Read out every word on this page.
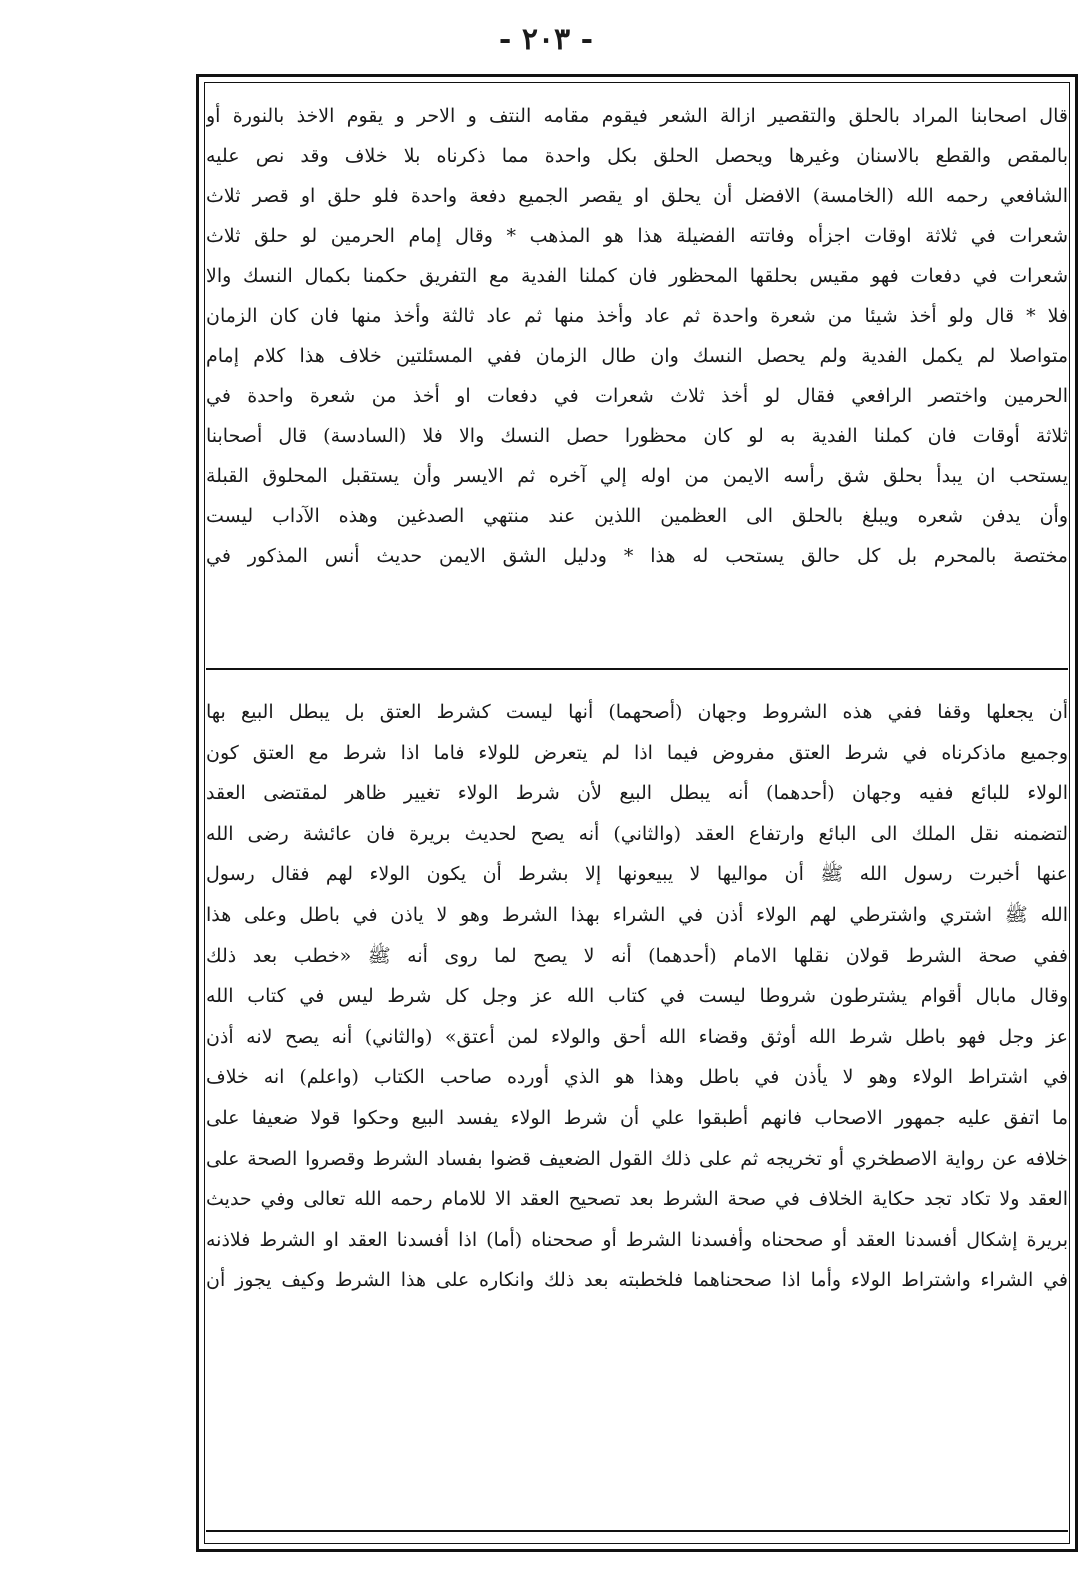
- ٢٠٣ -
قال اصحابنا المراد بالحلق والتقصير ازالة الشعر فيقوم مقامه النتف و الاحر و يقوم الاخذ بالنورة أو
بالمقص والقطع بالاسنان وغيرها ويحصل الحلق بكل واحدة مما ذكرناه بلا خلاف وقد نص عليه
الشافعي رحمه الله (الخامسة) الافضل أن يحلق او يقصر الجميع دفعة واحدة فلو حلق او قصر ثلاث
شعرات في ثلاثة اوقات اجزأه وفاتته الفضيلة هذا هو المذهب * وقال إمام الحرمين لو حلق ثلاث
شعرات في دفعات فهو مقيس بحلقها المحظور فان كملنا الفدية مع التفريق حكمنا بكمال النسك والا
فلا * قال ولو أخذ شيئا من شعرة واحدة ثم عاد وأخذ منها ثم عاد ثالثة وأخذ منها فان كان الزمان
متواصلا لم يكمل الفدية ولم يحصل النسك وان طال الزمان ففي المسئلتين خلاف هذا كلام إمام
الحرمين واختصر الرافعي فقال لو أخذ ثلاث شعرات في دفعات او أخذ من شعرة واحدة في
ثلاثة أوقات فان كملنا الفدية به لو كان محظورا حصل النسك والا فلا (السادسة) قال أصحابنا
يستحب ان يبدأ بحلق شق رأسه الايمن من اوله إلي آخره ثم الايسر وأن يستقبل المحلوق القبلة
وأن يدفن شعره ويبلغ بالحلق الى العظمين اللذين عند منتهي الصدغين وهذه الآداب ليست
مختصة بالمحرم بل كل حالق يستحب له هذا * ودليل الشق الايمن حديث أنس المذكور في
أن يجعلها وقفا ففي هذه الشروط وجهان (أصحهما) أنها ليست كشرط العتق بل يبطل البيع بها
وجميع ماذكرناه في شرط العتق مفروض فيما اذا لم يتعرض للولاء فاما اذا شرط مع العتق كون
الولاء للبائع ففيه وجهان (أحدهما) أنه يبطل البيع لأن شرط الولاء تغيير ظاهر لمقتضى العقد
لتضمنه نقل الملك الى البائع وارتفاع العقد (والثاني) أنه يصح لحديث بريرة فان عائشة رضى الله
عنها أخبرت رسول الله ﷺ أن مواليها لا يبيعونها إلا بشرط أن يكون الولاء لهم فقال رسول
الله ﷺ اشتري واشترطي لهم الولاء أذن في الشراء بهذا الشرط وهو لا ياذن في باطل وعلى هذا
ففي صحة الشرط قولان نقلها الامام (أحدهما) أنه لا يصح لما روى أنه ﷺ «خطب بعد ذلك
وقال مابال أقوام يشترطون شروطا ليست في كتاب الله عز وجل كل شرط ليس في كتاب الله
عز وجل فهو باطل شرط الله أوثق وقضاء الله أحق والولاء لمن أعتق» (والثاني) أنه يصح لانه أذن
في اشتراط الولاء وهو لا يأذن في باطل وهذا هو الذي أورده صاحب الكتاب (واعلم) انه خلاف
ما اتفق عليه جمهور الاصحاب فانهم أطبقوا علي أن شرط الولاء يفسد البيع وحكوا قولا ضعيفا على
خلافه عن رواية الاصطخري أو تخريجه ثم على ذلك القول الضعيف قضوا بفساد الشرط وقصروا الصحة على
العقد ولا تكاد تجد حكاية الخلاف في صحة الشرط بعد تصحيح العقد الا للامام رحمه الله تعالى وفي حديث
بريرة إشكال أفسدنا العقد أو صححناه وأفسدنا الشرط أو صححناه (أما) اذا أفسدنا العقد او الشرط فلاذنه
في الشراء واشتراط الولاء وأما اذا صححناهما فلخطبته بعد ذلك وانكاره على هذا الشرط وكيف يجوز أن
